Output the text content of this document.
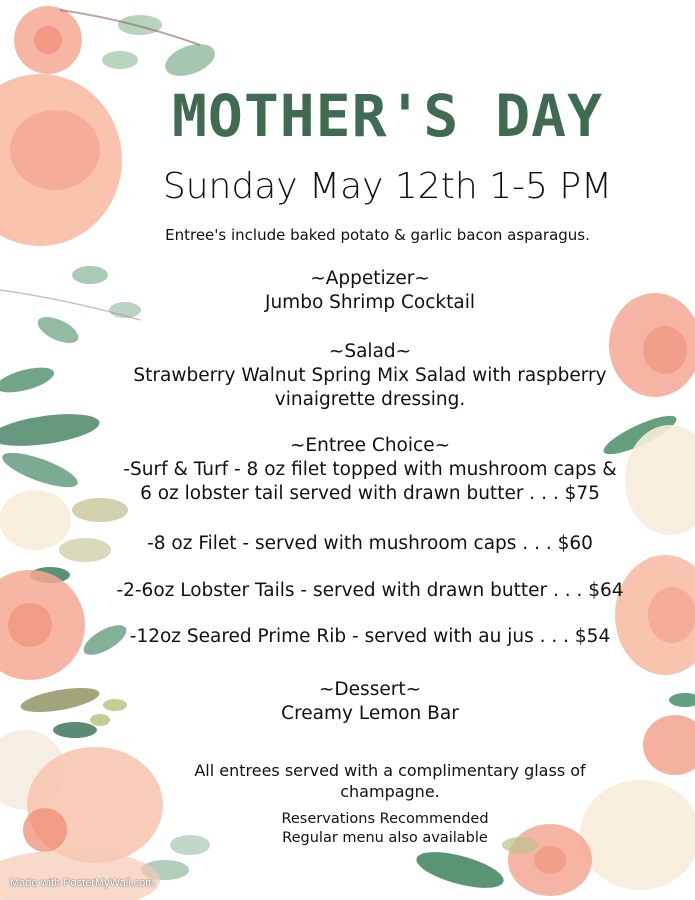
MOTHER'S DAY
Sunday May 12th 1-5 PM
Entree's include baked potato & garlic bacon asparagus.
~Appetizer~
Jumbo Shrimp Cocktail
~Salad~
Strawberry Walnut Spring Mix Salad with raspberry
vinaigrette dressing.
~Entree Choice~
-Surf & Turf - 8 oz filet topped with mushroom caps &
6 oz lobster tail served with drawn butter . . . $75
-8 oz Filet - served with mushroom caps . . . $60
-2-6oz Lobster Tails - served with drawn butter . . . $64
-12oz Seared Prime Rib - served with au jus . . . $54
~Dessert~
Creamy Lemon Bar
All entrees served with a complimentary glass of
champagne.
Reservations Recommended
Regular menu also available
Made with PosterMyWall.com
